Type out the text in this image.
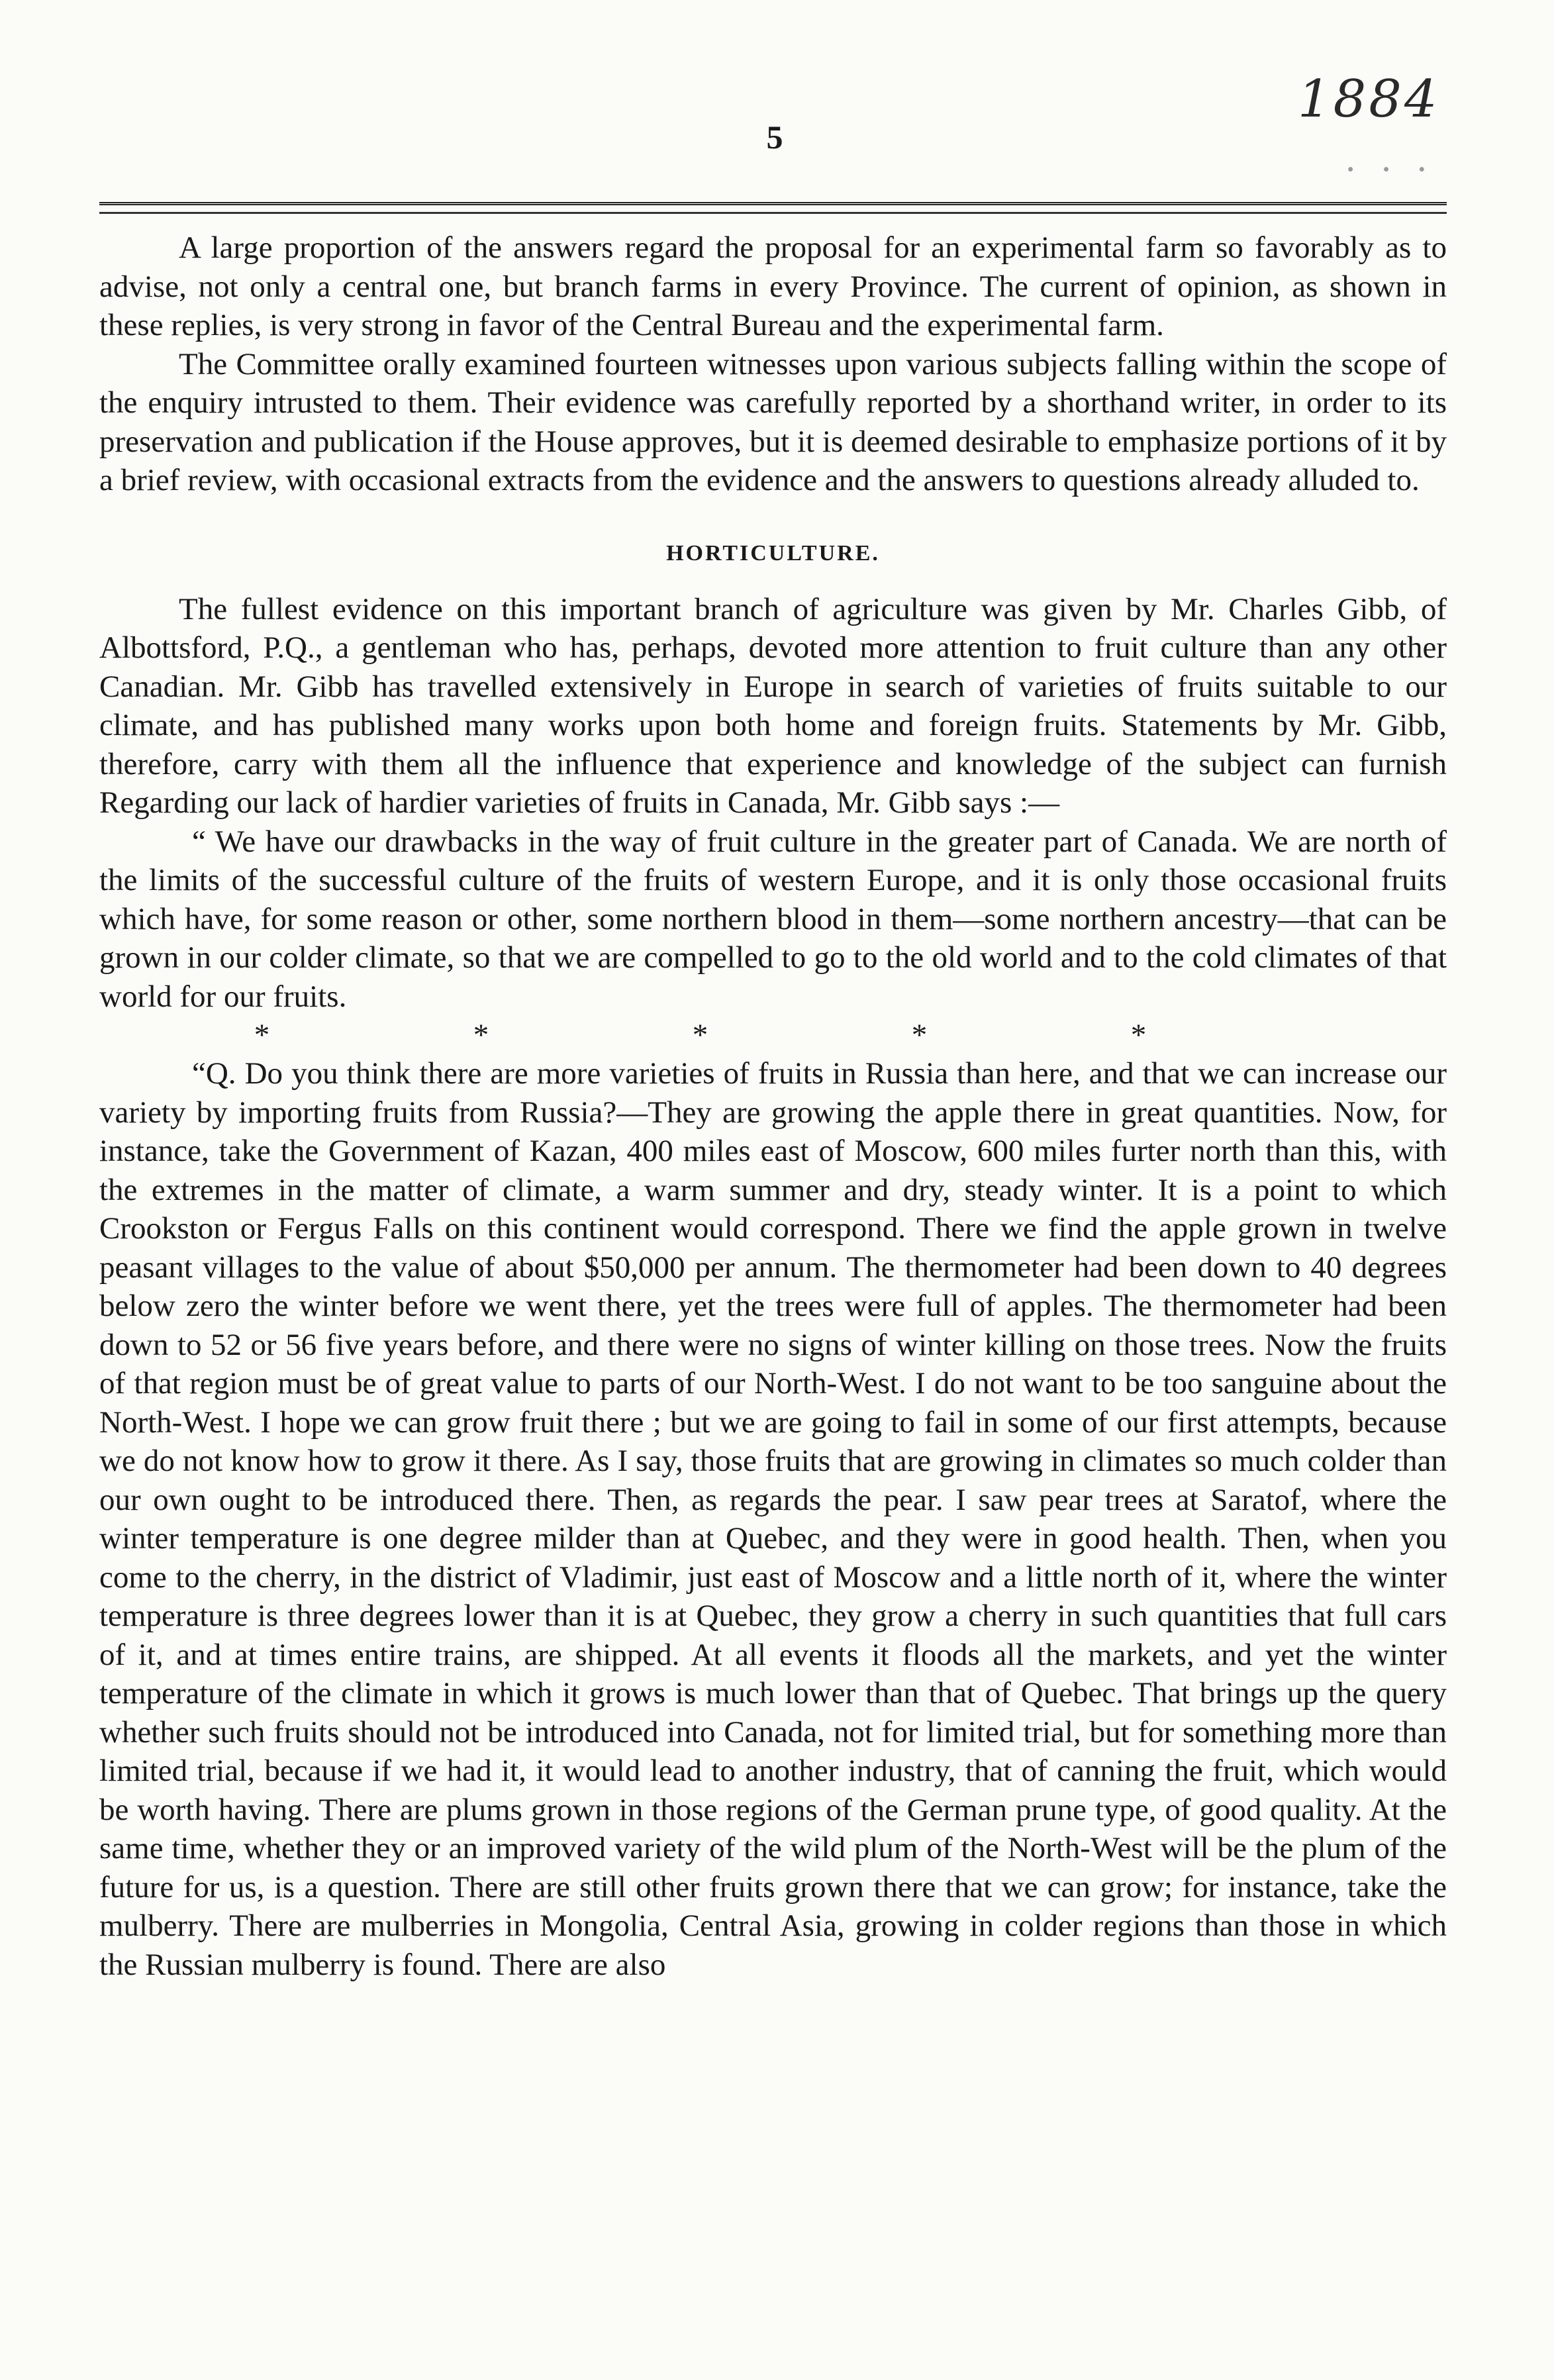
5
1884
· · ·

A large proportion of the answers regard the proposal for an experimental farm so favorably as to advise, not only a central one, but branch farms in every Province. The current of opinion, as shown in these replies, is very strong in favor of the Central Bureau and the experimental farm.

The Committee orally examined fourteen witnesses upon various subjects falling within the scope of the enquiry intrusted to them. Their evidence was carefully reported by a shorthand writer, in order to its preservation and publication if the House approves, but it is deemed desirable to emphasize portions of it by a brief review, with occasional extracts from the evidence and the answers to questions already alluded to.

HORTICULTURE.

The fullest evidence on this important branch of agriculture was given by Mr. Charles Gibb, of Albottsford, P.Q., a gentleman who has, perhaps, devoted more attention to fruit culture than any other Canadian. Mr. Gibb has travelled extensively in Europe in search of varieties of fruits suitable to our climate, and has published many works upon both home and foreign fruits. Statements by Mr. Gibb, therefore, carry with them all the influence that experience and knowledge of the subject can furnish Regarding our lack of hardier varieties of fruits in Canada, Mr. Gibb says :—

“ We have our drawbacks in the way of fruit culture in the greater part of Canada. We are north of the limits of the successful culture of the fruits of western Europe, and it is only those occasional fruits which have, for some reason or other, some northern blood in them—some northern ancestry—that can be grown in our colder climate, so that we are compelled to go to the old world and to the cold climates of that world for our fruits.

*	*	*	*	*

“Q. Do you think there are more varieties of fruits in Russia than here, and that we can increase our variety by importing fruits from Russia?—They are growing the apple there in great quantities. Now, for instance, take the Government of Kazan, 400 miles east of Moscow, 600 miles furter north than this, with the extremes in the matter of climate, a warm summer and dry, steady winter. It is a point to which Crookston or Fergus Falls on this continent would correspond. There we find the apple grown in twelve peasant villages to the value of about $50,000 per annum. The thermometer had been down to 40 degrees below zero the winter before we went there, yet the trees were full of apples. The thermometer had been down to 52 or 56 five years before, and there were no signs of winter killing on those trees. Now the fruits of that region must be of great value to parts of our North-West. I do not want to be too sanguine about the North-West. I hope we can grow fruit there ; but we are going to fail in some of our first attempts, because we do not know how to grow it there. As I say, those fruits that are growing in climates so much colder than our own ought to be introduced there. Then, as regards the pear. I saw pear trees at Saratof, where the winter temperature is one degree milder than at Quebec, and they were in good health. Then, when you come to the cherry, in the district of Vladimir, just east of Moscow and a little north of it, where the winter temperature is three degrees lower than it is at Quebec, they grow a cherry in such quantities that full cars of it, and at times entire trains, are shipped. At all events it floods all the markets, and yet the winter temperature of the climate in which it grows is much lower than that of Quebec. That brings up the query whether such fruits should not be introduced into Canada, not for limited trial, but for something more than limited trial, because if we had it, it would lead to another industry, that of canning the fruit, which would be worth having. There are plums grown in those regions of the German prune type, of good quality. At the same time, whether they or an improved variety of the wild plum of the North-West will be the plum of the future for us, is a question. There are still other fruits grown there that we can grow; for instance, take the mulberry. There are mulberries in Mongolia, Central Asia, growing in colder regions than those in which the Russian mulberry is found. There are also
